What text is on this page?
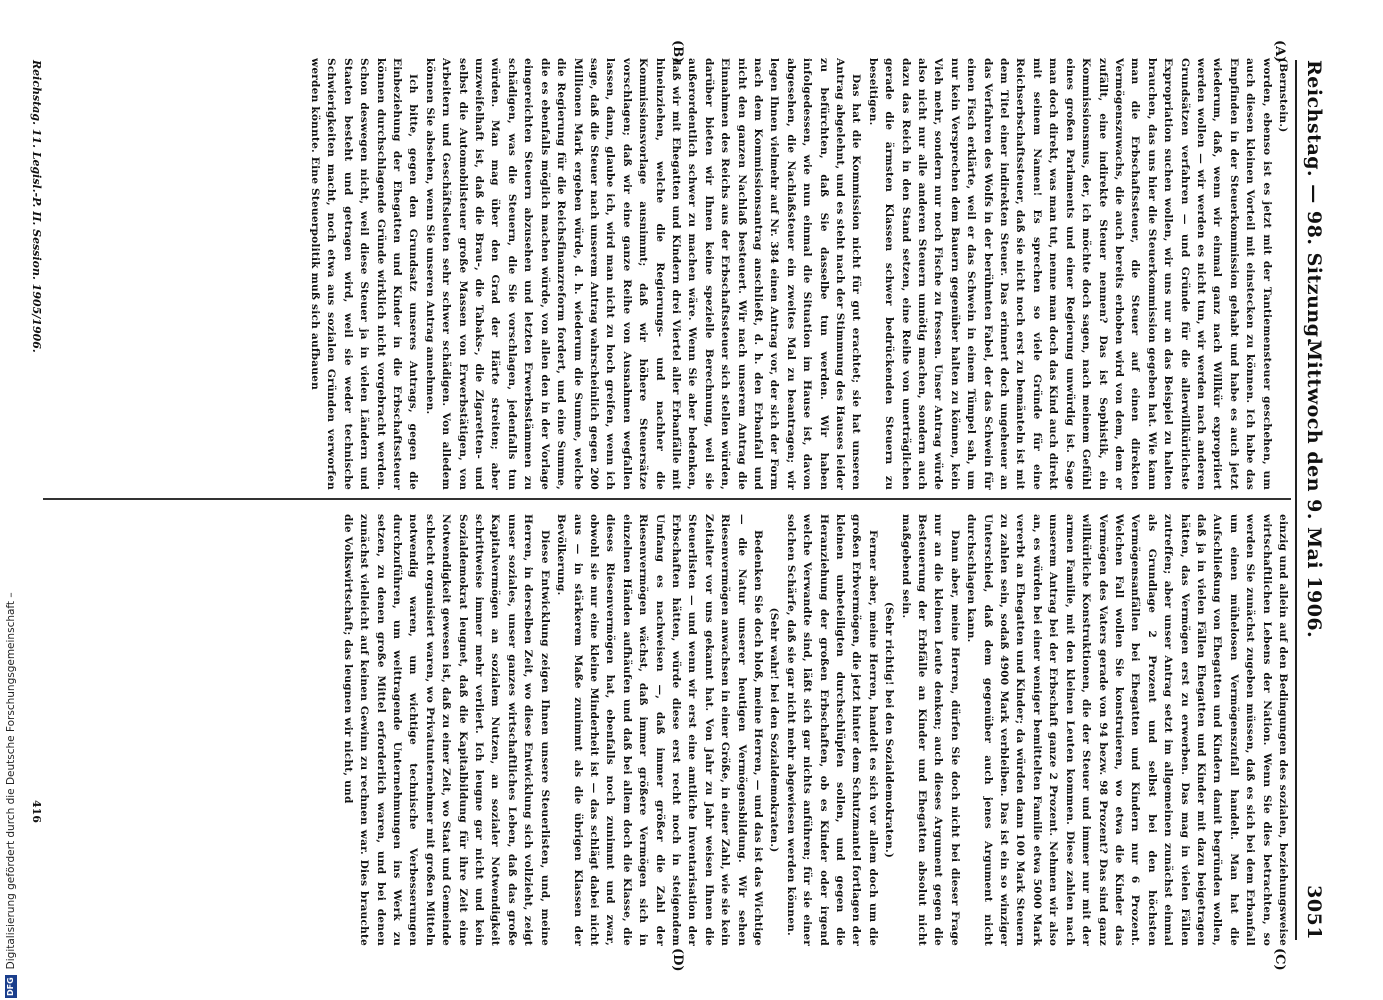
Reichstag. — 98. Sitzung.
Mittwoch den 9. Mai 1906.
3051
(A)
(B)
(C)
(D)

(Bernstein.)

worden, ebenso ist es jetzt mit der Tantiemensteuer geschehen, um auch diesen kleinen Vorteil mit einstecken zu können. Ich habe das Empfinden in der Steuerkommission gehabt und habe es auch jetzt wiederum, daß, wenn wir einmal ganz nach Willkür expropriiert werden wollen — wir werden es nicht tun, wir werden nach anderen Grundsätzen verfahren — und Gründe für die allerwillkürlichste Expropriation suchen wollen, wir uns nur an das Beispiel zu halten brauchen, das uns hier die Steuerkommission gegeben hat. Wie kann man die Erbschaftssteuer, die Steuer auf einen direkten Vermögenszuwachs, die auch bereits erhoben wird von dem, dem er zufällt, eine indirekte Steuer nennen? Das ist Sophistik, ein Kommissionsmus, der, ich möchte doch sagen, nach meinem Gefühl eines großen Parlaments und einer Regierung unwürdig ist. Sage man doch direkt, was man tut, nenne man doch das Kind auch direkt mit seinem Namen! Es sprechen so viele Gründe für eine Reichserbschaftssteuer, daß sie nicht noch erst zu bemänteln ist mit dem Titel einer indirekten Steuer. Das erinnert doch ungeheuer an das Verfahren des Wolfs in der berühmten Fabel, der das Schwein für einen Fisch erklärte, weil er das Schwein in einem Tümpel sah, um nur kein Versprechen dem Bauern gegenüber halten zu können, kein Vieh mehr, sondern nur noch Fische zu fressen. Unser Antrag würde also nicht nur alle anderen Steuern unnötig machen, sondern auch dazu das Reich in den Stand setzen, eine Reihe von unerträglichen gerade die ärmsten Klassen schwer bedrückenden Steuern zu beseitigen.

Das hat die Kommission nicht für gut erachtet; sie hat unseren Antrag abgelehnt, und es steht nach der Stimmung des Hauses leider zu befürchten, daß Sie dasselbe tun werden. Wir haben infolgedessen, wie nun einmal die Situation im Hause ist, davon abgesehen, die Nachlaßsteuer ein zweites Mal zu beantragen; wir legen Ihnen vielmehr auf Nr. 384 einen Antrag vor, der sich der Form nach dem Kommissionsantrag anschließt, d. h. den Erbanfall und nicht den ganzen Nachlaß besteuert. Wir nach unserem Antrag die Einnahmen des Reichs aus der Erbschaftssteuer sich stellen würden, darüber bieten wir Ihnen keine spezielle Berechnung, weil sie außerordentlich schwer zu machen wäre. Wenn Sie aber bedenken, daß wir mit Ehegatten und Kindern drei Viertel aller Erbanfälle mit hineinziehen, welche die Regierungs- und nachher die Kommissionsvorlage ausnimmt; daß wir höhere Steuersätze vorschlagen; daß wir eine ganze Reihe von Ausnahmen wegfallen lassen, dann, glaube ich, wird man nicht zu hoch greifen, wenn ich sage, daß die Steuer nach unserem Antrag wahrscheinlich gegen 200 Millionen Mark ergeben würde, d. h. wiederum die Summe, welche die Regierung für die Reichsfinanzreform fordert, und eine Summe, die es ebenfalls möglich machen würde, von allen den in der Vorlage eingereichten Steuern abzusehen und letzten Erwerbsstämmen zu schädigen, was die Steuern, die Sie vorschlagen, jedenfalls tun würden. Man mag über den Grad der Härte streiten; aber unzweifelhaft ist, daß die Brau-, die Tabaks-, die Zigaretten- und selbst die Automobilsteuer große Massen von Erwerbstätigen, von Arbeitern und Geschäftsleuten sehr schwer schädigen. Von alledem können Sie absehen, wenn Sie unseren Antrag annehmen.

Ich bitte, gegen den Grundsatz unseres Antrags, gegen die Einbeziehung der Ehegatten und Kinder in die Erbschaftssteuer können durchschlagende Gründe wirklich nicht vorgebracht werden. Schon deswegen nicht, weil diese Steuer ja in vielen Ländern und Staaten besteht und getragen wird, weil sie weder technische Schwierigkeiten macht, noch etwa aus sozialen Gründen verworfen werden könnte. Eine Steuerpolitik muß sich aufbauen

einzig und allein auf den Bedingungen des sozialen, beziehungsweise wirtschaftlichen Lebens der Nation. Wenn Sie dies betrachten, so werden Sie zunächst zugeben müssen, daß es sich bei dem Erbanfall um einen mühelosen Vermögenszufall handelt. Man hat die Aufschließung von Ehegatten und Kindern damit begründen wollen, daß ja in vielen Fällen Ehegatten und Kinder mit dazu beigetragen hätten, das Vermögen erst zu erwerben. Das mag in vielen Fällen zutreffen; aber unser Antrag setzt im allgemeinen zunächst einmal als Grundlage 2 Prozent und selbst bei den höchsten Vermögensanfällen bei Ehegatten und Kindern nur 6 Prozent. Welchen Fall wollen Sie konstruieren, wo etwa die Kinder das Vermögen des Vaters gerade von 94 bezw. 98 Prozent? Das sind ganz willkürliche Konstruktionen, die der Steuer und immer nur mit der armen Familie, mit den kleinen Leuten kommen. Diese zahlen nach unserem Antrag bei der Erbschaft ganze 2 Prozent. Nehmen wir also an, es würden bei einer weniger bemittelten Familie etwa 5000 Mark vererbt an Ehegatten und Kinder; da würden dann 100 Mark Steuern zu zahlen sein, sodaß 4900 Mark verbleiben. Das ist ein so winziger Unterschied, daß dem gegenüber auch jenes Argument nicht durchschlagen kann.

Dann aber, meine Herren, dürfen Sie doch nicht bei dieser Frage nur an die kleinen Leute denken; auch dieses Argument gegen die Besteuerung der Erbfälle an Kinder und Ehegatten absolut nicht maßgebend sein.

(Sehr richtig! bei den Sozialdemokraten.)

Ferner aber, meine Herren, handelt es sich vor allem doch um die großen Erbvermögen, die jetzt hinter dem Schutzmantel fortlagen der kleinen unbeteiligten durchschlüpfen sollen, und gegen die Heranziehung der großen Erbschaften, ob es Kinder oder irgend welche Verwandte sind, läßt sich gar nichts anführen; für sie einer solchen Schärfe, daß sie gar nicht mehr abgewiesen werden können.

(Sehr wahr! bei den Sozialdemokraten.)

Bedenken Sie doch bloß, meine Herren, — und das ist das Wichtige — die Natur unserer heutigen Vermögensbildung. Wir sehen Riesenvermögen anwachsen in einer Größe, in einer Zahl, wie sie kein Zeitalter vor uns gekannt hat. Von Jahr zu Jahr weisen Ihnen die Steuerlisten — und wenn wir erst eine amtliche Inventarisation der Erbschaften hätten, würde diese erst recht noch in steigendem Umfang es nachweisen —, daß immer größer die Zahl der Riesenvermögen wächst, daß immer größere Vermögen sich in einzelnen Händen aufhäufen und daß bei allem doch die Klasse, die dieses Riesenvermögen hat, ebenfalls noch zunimmt und zwar, obwohl sie nur eine kleine Minderheit ist — das schlägt dabei nicht aus — in stärkerem Maße zunimmt als die übrigen Klassen der Bevölkerung.

Diese Entwicklung zeigen Ihnen unsere Steuerlisten, und, meine Herren, in derselben Zeit, wo diese Entwicklung sich vollzieht, zeigt unser soziales, unser ganzes wirtschaftliches Leben, daß das große Kapitalvermögen an sozialem Nutzen, an sozialer Notwendigkeit schrittweise immer mehr verliert. Ich leugne gar nicht und kein Sozialdemokrat leugnet, daß die Kapitalbildung für ihre Zeit eine Notwendigkeit gewesen ist, daß zu einer Zeit, wo Staat und Gemeinde schlecht organisiert waren, wo Privatunternehmer mit großen Mitteln notwendig waren, um wichtige technische Verbesserungen durchzuführen, um weittragende Unternehmungen ins Werk zu setzen, zu denen große Mittel erforderlich waren, und bei denen zunächst vielleicht auf keinen Gewinn zu rechnen war. Dies brauchte die Volkswirtschaft; das leugnen wir nicht, und

Reichstag. 11. Legisl.-P. II. Session. 1905/1906.
416
DFG
Digitalisierung gefördert durch die Deutsche Forschungsgemeinschaft –
